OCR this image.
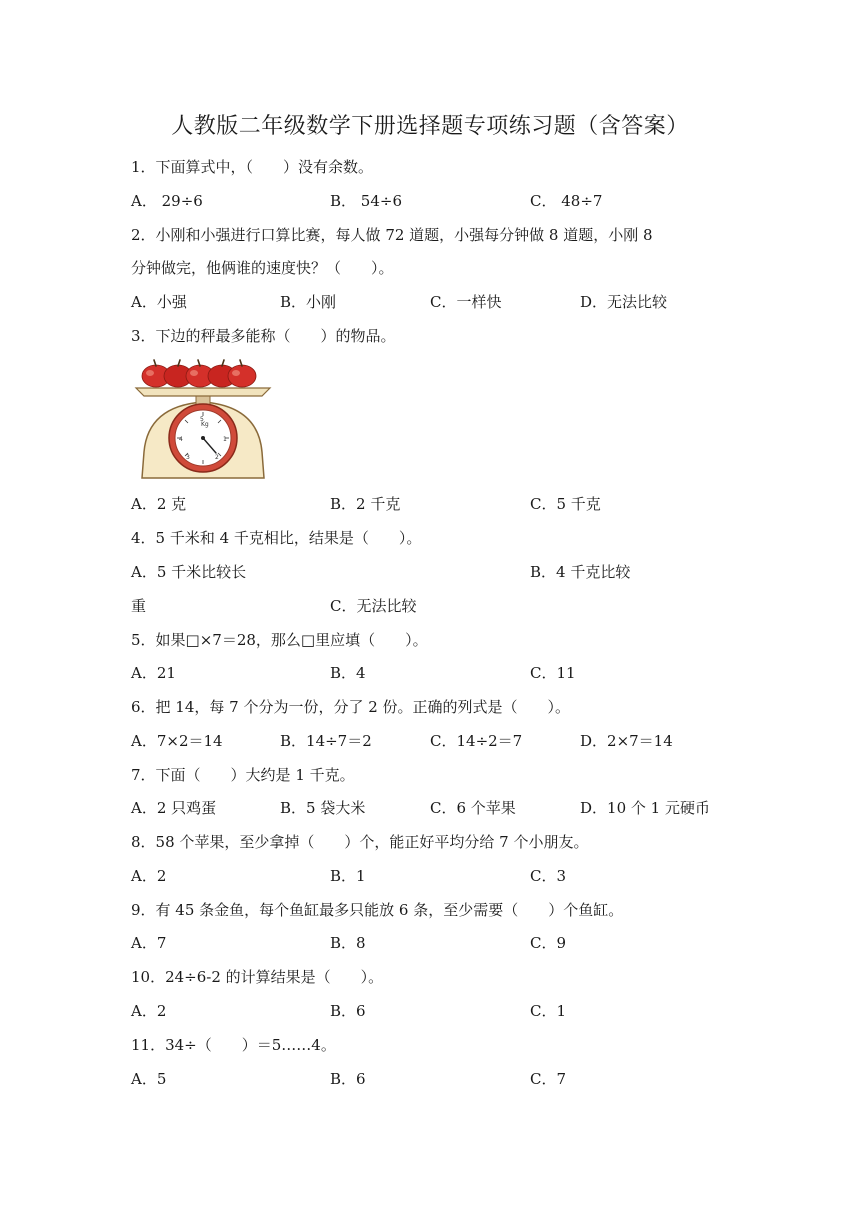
人教版二年级数学下册选择题专项练习题（含答案）
1．下面算式中，（　　）没有余数。
A． 29÷6	B． 54÷6	C． 48÷7
2．小刚和小强进行口算比赛，每人做 72 道题，小强每分钟做 8 道题，小刚 8
分钟做完，他俩谁的速度快？（　　）。
A．小强	B．小刚	C．一样快	D．无法比较
3．下边的秤最多能称（　　）的物品。
Kg
5
1
4
2
3
A．2 克	B．2 千克	C．5 千克
4．5 千米和 4 千克相比，结果是（　　）。
A．5 千米比较长	B．4 千克比较
重	C．无法比较
5．如果□×7＝28，那么□里应填（　　）。
A．21	B．4	C．11
6．把 14，每 7 个分为一份，分了 2 份。正确的列式是（　　）。
A．7×2＝14	B．14÷7＝2	C．14÷2＝7	D．2×7＝14
7．下面（　　）大约是 1 千克。
A．2 只鸡蛋	B．5 袋大米	C．6 个苹果	D．10 个 1 元硬币
8．58 个苹果，至少拿掉（　　）个，能正好平均分给 7 个小朋友。
A．2	B．1	C．3
9．有 45 条金鱼，每个鱼缸最多只能放 6 条，至少需要（　　）个鱼缸。
A．7	B．8	C．9
10．24÷6-2 的计算结果是（　　）。
A．2	B．6	C．1
11．34÷（　　）＝5……4。
A．5	B．6	C．7
